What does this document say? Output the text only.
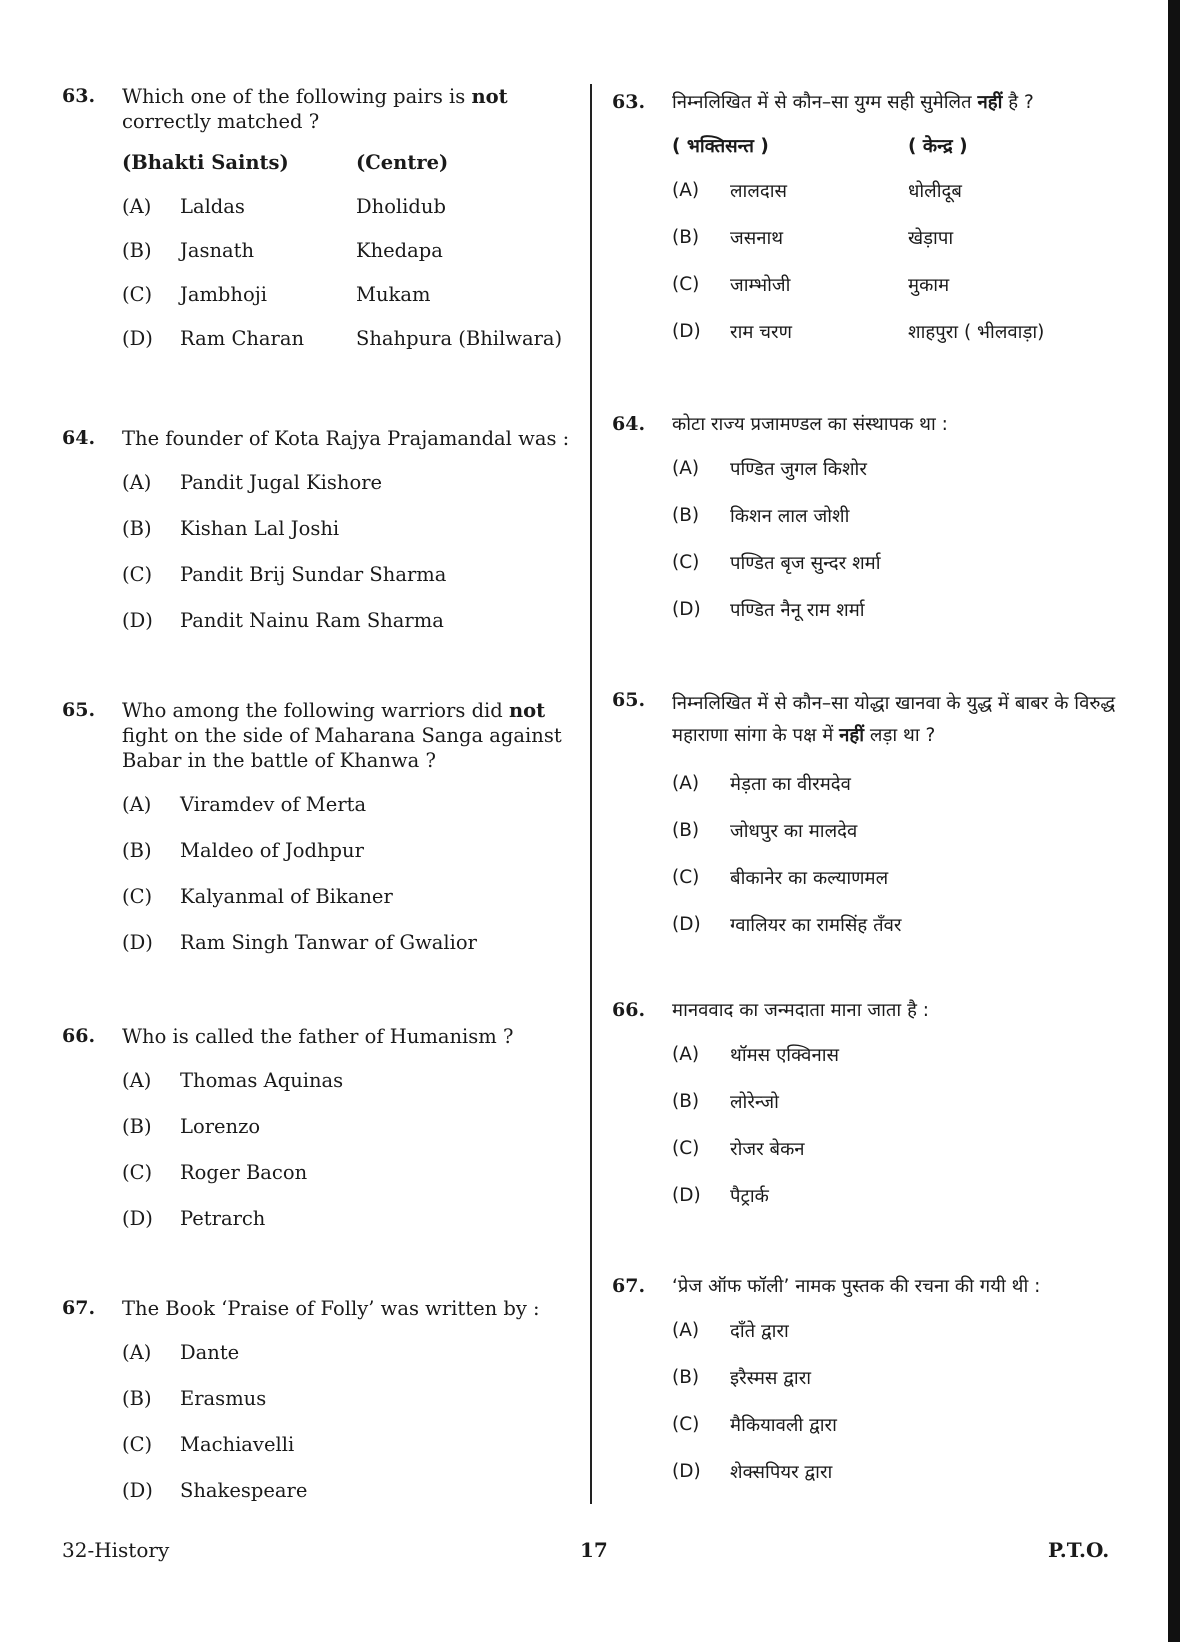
63.	Which one of the following pairs is not correctly matched ?
(Bhakti Saints)	(Centre)
(A)	Laldas	Dholidub
(B)	Jasnath	Khedapa
(C)	Jambhoji	Mukam
(D)	Ram Charan	Shahpura (Bhilwara)
64.	The founder of Kota Rajya Prajamandal was :
(A)	Pandit Jugal Kishore
(B)	Kishan Lal Joshi
(C)	Pandit Brij Sundar Sharma
(D)	Pandit Nainu Ram Sharma
65.	Who among the following warriors did not fight on the side of Maharana Sanga against Babar in the battle of Khanwa ?
(A)	Viramdev of Merta
(B)	Maldeo of Jodhpur
(C)	Kalyanmal of Bikaner
(D)	Ram Singh Tanwar of Gwalior
66.	Who is called the father of Humanism ?
(A)	Thomas Aquinas
(B)	Lorenzo
(C)	Roger Bacon
(D)	Petrarch
67.	The Book ‘Praise of Folly’ was written by :
(A)	Dante
(B)	Erasmus
(C)	Machiavelli
(D)	Shakespeare
63.	निम्नलिखित में से कौन–सा युग्म सही सुमेलित नहीं है ?
( भक्तिसन्त )	( केन्द्र )
(A)	लालदास	धोलीदूब
(B)	जसनाथ	खेड़ापा
(C)	जाम्भोजी	मुकाम
(D)	राम चरण	शाहपुरा ( भीलवाड़ा)
64.	कोटा राज्य प्रजामण्डल का संस्थापक था :
(A)	पण्डित जुगल किशोर
(B)	किशन लाल जोशी
(C)	पण्डित बृज सुन्दर शर्मा
(D)	पण्डित नैनू राम शर्मा
65.	निम्नलिखित में से कौन–सा योद्धा खानवा के युद्ध में बाबर के विरुद्ध महाराणा सांगा के पक्ष में नहीं लड़ा था ?
(A)	मेड़ता का वीरमदेव
(B)	जोधपुर का मालदेव
(C)	बीकानेर का कल्याणमल
(D)	ग्वालियर का रामसिंह तँवर
66.	मानववाद का जन्मदाता माना जाता है :
(A)	थॉमस एक्विनास
(B)	लोरेन्जो
(C)	रोजर बेकन
(D)	पैट्रार्क
67.	‘प्रेज ऑफ फॉली’ नामक पुस्तक की रचना की गयी थी :
(A)	दाँते द्वारा
(B)	इरैस्मस द्वारा
(C)	मैकियावली द्वारा
(D)	शेक्सपियर द्वारा
32-History	17	P.T.O.
